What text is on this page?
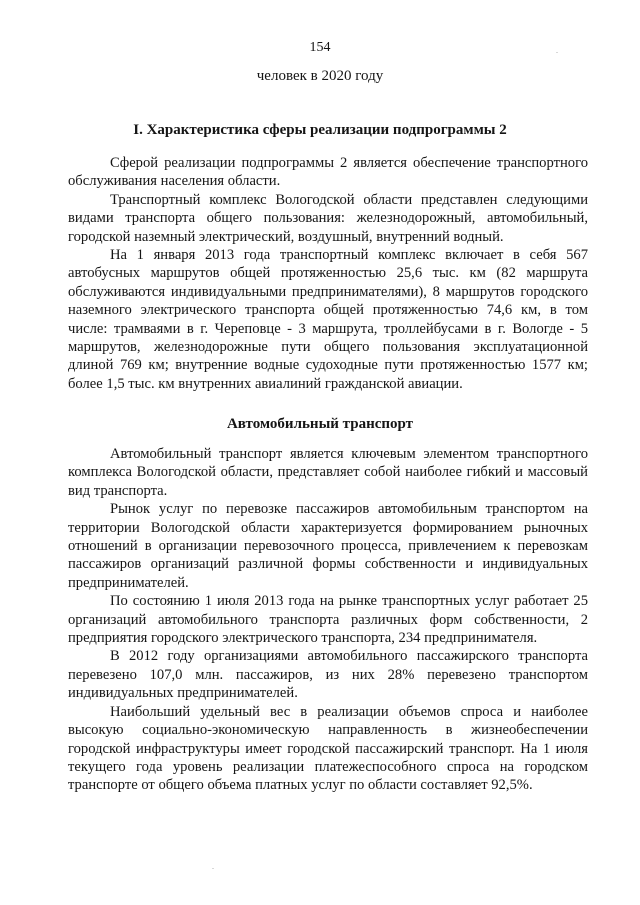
154
человек в 2020 году
I. Характеристика сферы реализации подпрограммы 2

Сферой реализации подпрограммы 2 является обеспечение транспортного обслуживания населения области.

Транспортный комплекс Вологодской области представлен следующими видами транспорта общего пользования: железнодорожный, автомобильный, городской наземный электрический, воздушный, внутренний водный.

На 1 января 2013 года транспортный комплекс включает в себя 567 автобусных маршрутов общей протяженностью 25,6 тыс. км (82 маршрута обслуживаются индивидуальными предпринимателями), 8 маршрутов городского наземного электрического транспорта общей протяженностью 74,6 км, в том числе: трамваями в г. Череповце - 3 маршрута, троллейбусами в г. Вологде - 5 маршрутов, железнодорожные пути общего пользования эксплуатационной длиной 769 км; внутренние водные судоходные пути протяженностью 1577 км; более 1,5 тыс. км внутренних авиалиний гражданской авиации.

Автомобильный транспорт

Автомобильный транспорт является ключевым элементом транспортного комплекса Вологодской области, представляет собой наиболее гибкий и массовый вид транспорта.

Рынок услуг по перевозке пассажиров автомобильным транспортом на территории Вологодской области характеризуется формированием рыночных отношений в организации перевозочного процесса, привлечением к перевозкам пассажиров организаций различной формы собственности и индивидуальных предпринимателей.

По состоянию 1 июля 2013 года на рынке транспортных услуг работает 25 организаций автомобильного транспорта различных форм собственности, 2 предприятия городского электрического транспорта, 234 предпринимателя.

В 2012 году организациями автомобильного пассажирского транспорта перевезено 107,0 млн. пассажиров, из них 28% перевезено транспортом индивидуальных предпринимателей.

Наибольший удельный вес в реализации объемов спроса и наиболее высокую социально-экономическую направленность в жизнеобеспечении городской инфраструктуры имеет городской пассажирский транспорт. На 1 июля текущего года уровень реализации платежеспособного спроса на городском транспорте от общего объема платных услуг по области составляет 92,5%.

.
.
